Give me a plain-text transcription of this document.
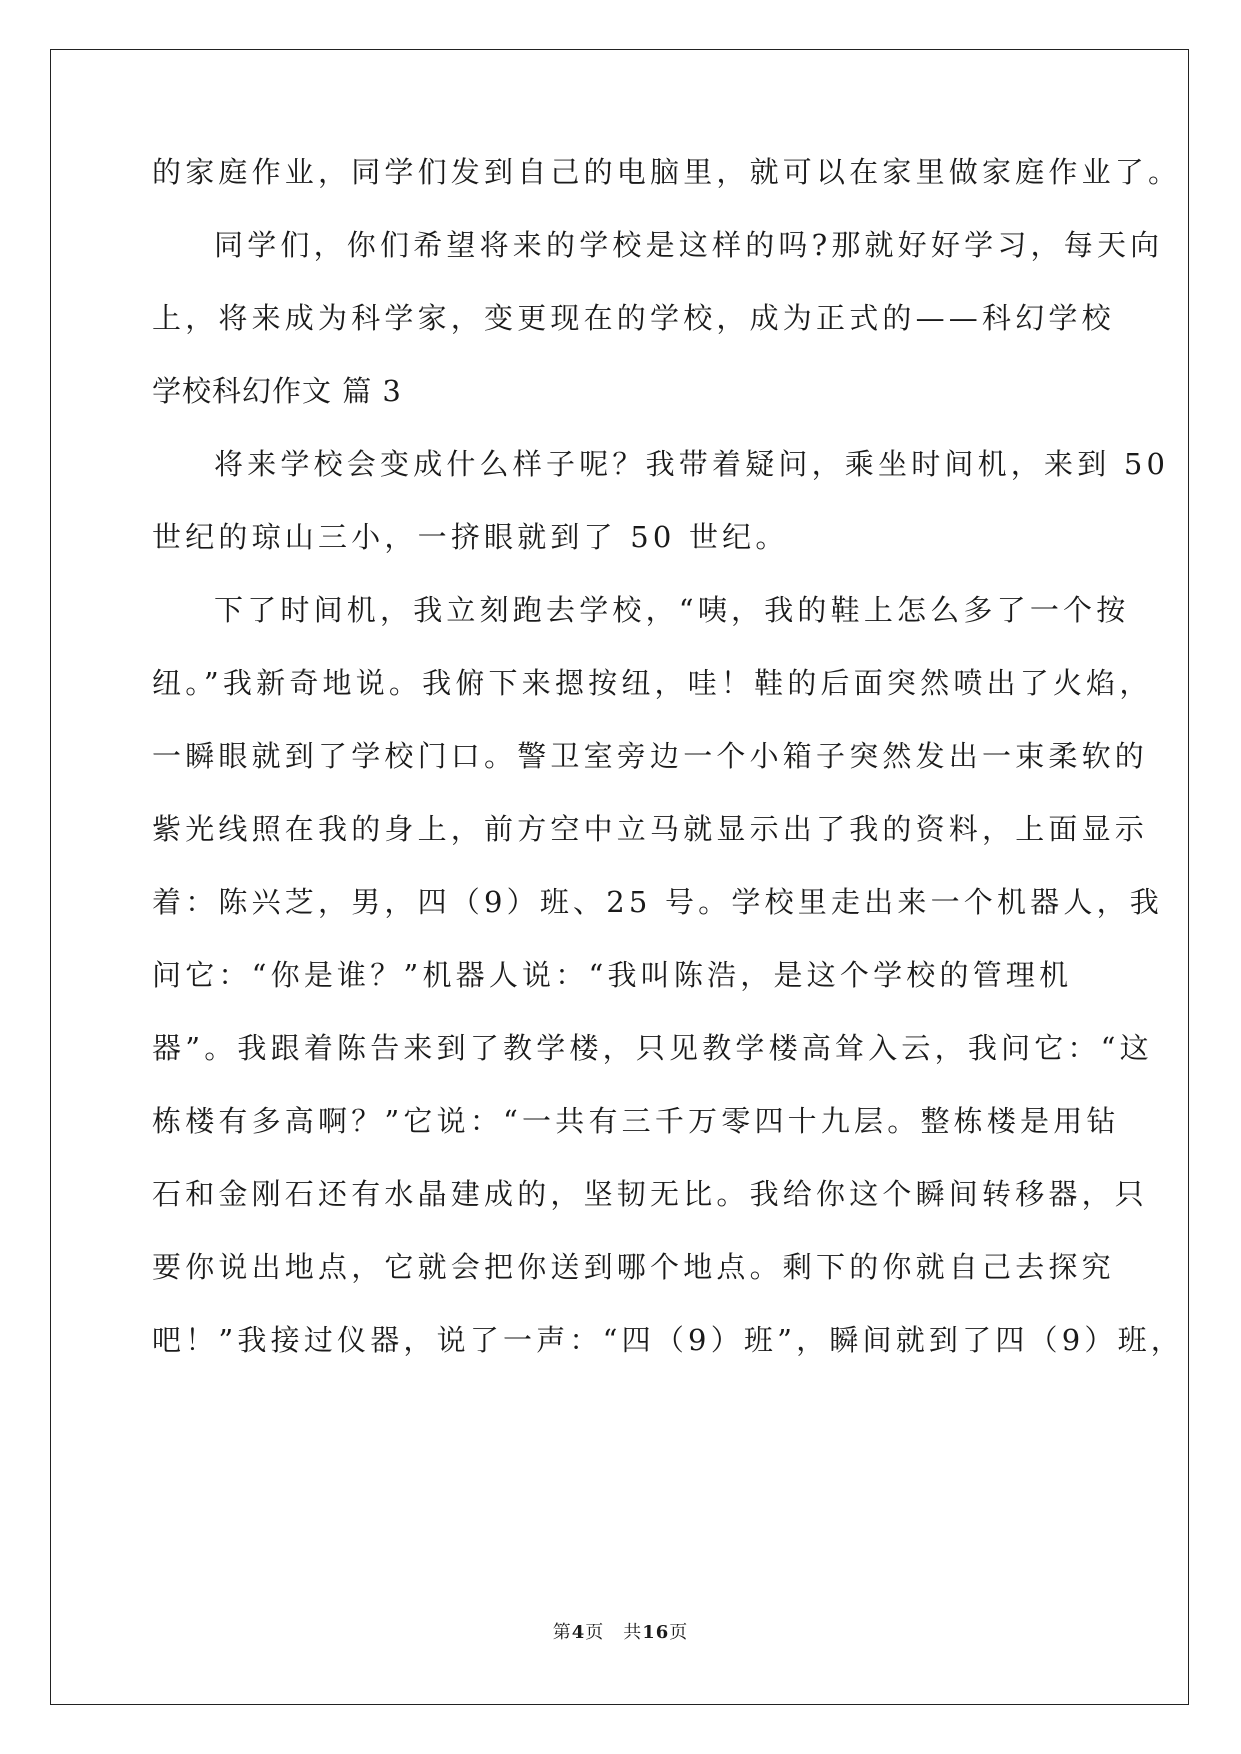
的家庭作业，同学们发到自己的电脑里，就可以在家里做家庭作业了。
同学们，你们希望将来的学校是这样的吗?那就好好学习，每天向
上，将来成为科学家，变更现在的学校，成为正式的——科幻学校
学校科幻作文 篇 3
将来学校会变成什么样子呢？我带着疑问，乘坐时间机，来到 50
世纪的琼山三小，一挤眼就到了 50 世纪。
下了时间机，我立刻跑去学校，“咦，我的鞋上怎么多了一个按
纽。”我新奇地说。我俯下来摁按纽，哇！鞋的后面突然喷出了火焰，
一瞬眼就到了学校门口。警卫室旁边一个小箱子突然发出一束柔软的
紫光线照在我的身上，前方空中立马就显示出了我的资料，上面显示
着：陈兴芝，男，四（9）班、25 号。学校里走出来一个机器人，我
问它：“你是谁？”机器人说：“我叫陈浩，是这个学校的管理机
器”。我跟着陈告来到了教学楼，只见教学楼高耸入云，我问它：“这
栋楼有多高啊？”它说：“一共有三千万零四十九层。整栋楼是用钻
石和金刚石还有水晶建成的，坚韧无比。我给你这个瞬间转移器，只
要你说出地点，它就会把你送到哪个地点。剩下的你就自己去探究
吧！”我接过仪器，说了一声：“四（9）班”，瞬间就到了四（9）班，
第4页　共16页
